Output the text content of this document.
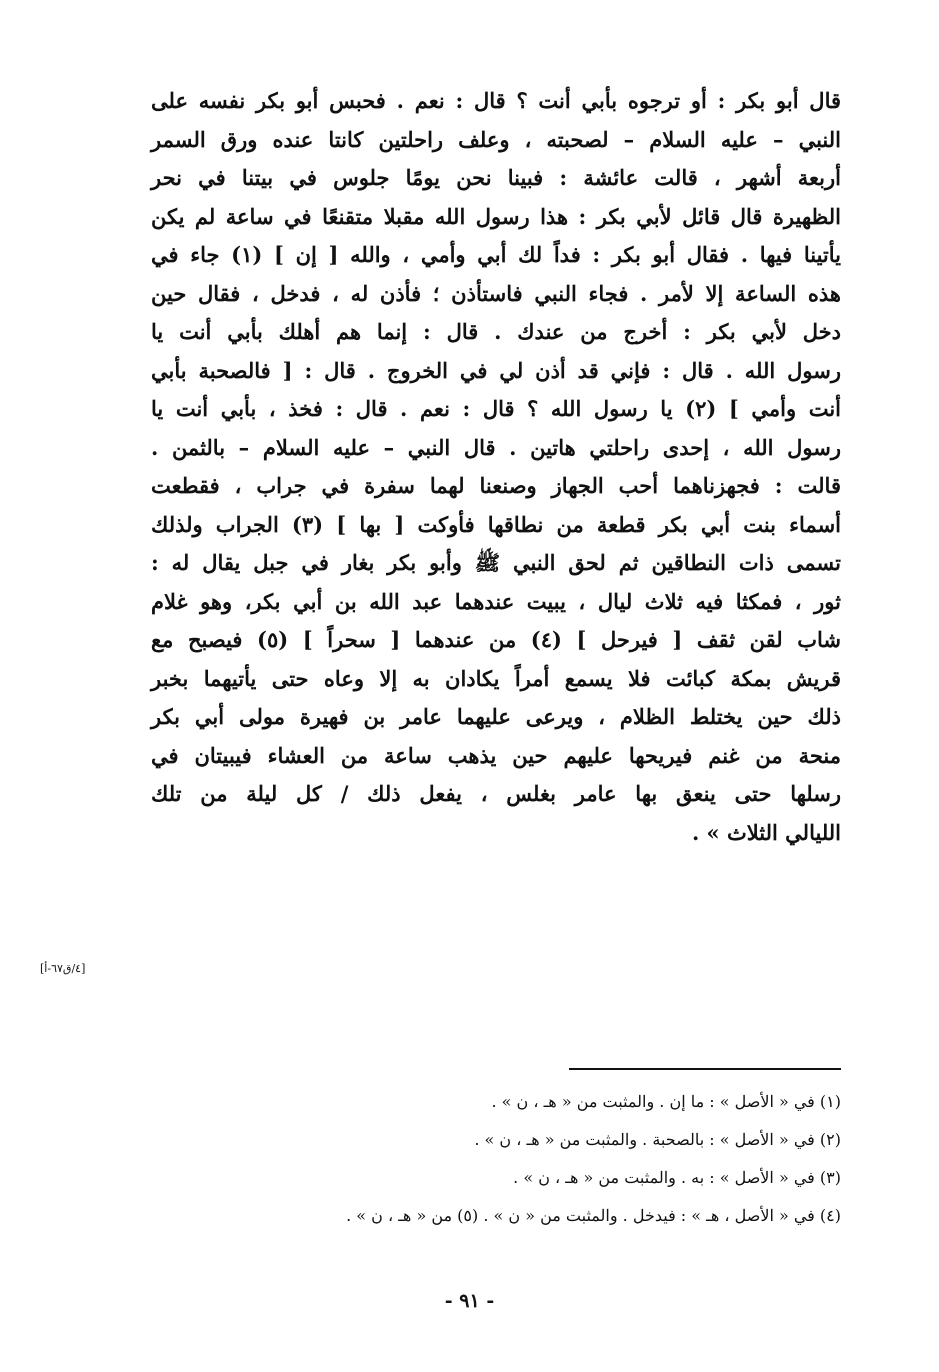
قال أبو بكر : أو ترجوه بأبي أنت ؟ قال : نعم . فحبس أبو بكر نفسه على
النبي – عليه السلام – لصحبته ، وعلف راحلتين كانتا عنده ورق السمر
أربعة أشهر ، قالت عائشة : فبينا نحن يومًا جلوس في بيتنا في نحر
الظهيرة قال قائل لأبي بكر : هذا رسول الله مقبلا متقنعًا في ساعة لم يكن
يأتينا فيها . فقال أبو بكر : فداً لك أبي وأمي ، والله [ إن ] (١) جاء في
هذه الساعة إلا لأمر . فجاء النبي فاستأذن ؛ فأذن له ، فدخل ، فقال حين
دخل لأبي بكر : أخرج من عندك . قال : إنما هم أهلك بأبي أنت يا
رسول الله . قال : فإني قد أذن لي في الخروج . قال : [ فالصحبة بأبي
أنت وأمي ] (٢) يا رسول الله ؟ قال : نعم . قال : فخذ ، بأبي أنت يا
رسول الله ، إحدى راحلتي هاتين . قال النبي – عليه السلام – بالثمن .
قالت : فجهزناهما أحب الجهاز وصنعنا لهما سفرة في جراب ، فقطعت
أسماء بنت أبي بكر قطعة من نطاقها فأوكت [ بها ] (٣) الجراب ولذلك
تسمى ذات النطاقين ثم لحق النبي ﷺ وأبو بكر بغار في جبل يقال له :
ثور ، فمكثا فيه ثلاث ليال ، يبيت عندهما عبد الله بن أبي بكر، وهو غلام
شاب لقن ثقف [ فيرحل ] (٤) من عندهما [ سحراً ] (٥) فيصبح مع
قريش بمكة كبائت فلا يسمع أمراً يكادان به إلا وعاه حتى يأتيهما بخبر
ذلك حين يختلط الظلام ، ويرعى عليهما عامر بن فهيرة مولى أبي بكر
منحة من غنم فيريحها عليهم حين يذهب ساعة من العشاء فيبيتان في
رسلها حتى ينعق بها عامر بغلس ، يفعل ذلك / كل ليلة من تلك
الليالي الثلاث » .
[٤/ق٦٧-أ]
(١) في « الأصل » : ما إن . والمثبت من « هـ ، ن » .
(٢) في « الأصل » : بالصحبة . والمثبت من « هـ ، ن » .
(٣) في « الأصل » : به . والمثبت من « هـ ، ن » .
(٤) في « الأصل ، هـ » : فيدخل . والمثبت من « ن » . (٥) من « هـ ، ن » .
- ٩١ -
